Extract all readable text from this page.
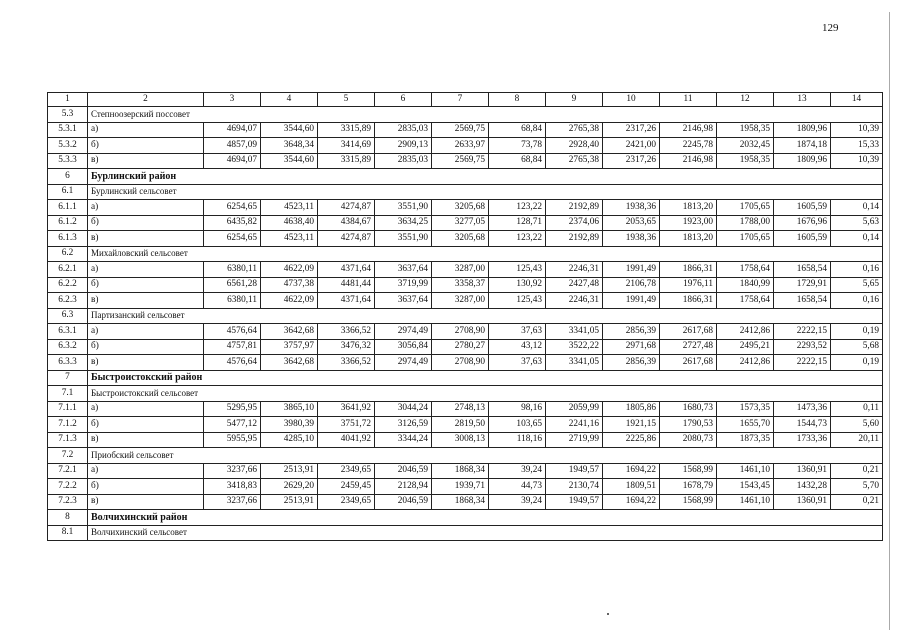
129
1	2	3	4	5	6	7	8	9	10	11	12	13	14
5.3	Степноозерский поссовет												
5.3.1	а)	4694,07	3544,60	3315,89	2835,03	2569,75	68,84	2765,38	2317,26	2146,98	1958,35	1809,96	10,39
5.3.2	б)	4857,09	3648,34	3414,69	2909,13	2633,97	73,78	2928,40	2421,00	2245,78	2032,45	1874,18	15,33
5.3.3	в)	4694,07	3544,60	3315,89	2835,03	2569,75	68,84	2765,38	2317,26	2146,98	1958,35	1809,96	10,39
6	Бурлинский район												
6.1	Бурлинский сельсовет												
6.1.1	а)	6254,65	4523,11	4274,87	3551,90	3205,68	123,22	2192,89	1938,36	1813,20	1705,65	1605,59	0,14
6.1.2	б)	6435,82	4638,40	4384,67	3634,25	3277,05	128,71	2374,06	2053,65	1923,00	1788,00	1676,96	5,63
6.1.3	в)	6254,65	4523,11	4274,87	3551,90	3205,68	123,22	2192,89	1938,36	1813,20	1705,65	1605,59	0,14
6.2	Михайловский сельсовет												
6.2.1	а)	6380,11	4622,09	4371,64	3637,64	3287,00	125,43	2246,31	1991,49	1866,31	1758,64	1658,54	0,16
6.2.2	б)	6561,28	4737,38	4481,44	3719,99	3358,37	130,92	2427,48	2106,78	1976,11	1840,99	1729,91	5,65
6.2.3	в)	6380,11	4622,09	4371,64	3637,64	3287,00	125,43	2246,31	1991,49	1866,31	1758,64	1658,54	0,16
6.3	Партизанский сельсовет												
6.3.1	а)	4576,64	3642,68	3366,52	2974,49	2708,90	37,63	3341,05	2856,39	2617,68	2412,86	2222,15	0,19
6.3.2	б)	4757,81	3757,97	3476,32	3056,84	2780,27	43,12	3522,22	2971,68	2727,48	2495,21	2293,52	5,68
6.3.3	в)	4576,64	3642,68	3366,52	2974,49	2708,90	37,63	3341,05	2856,39	2617,68	2412,86	2222,15	0,19
7	Быстроистокский район												
7.1	Быстроистокский сельсовет												
7.1.1	а)	5295,95	3865,10	3641,92	3044,24	2748,13	98,16	2059,99	1805,86	1680,73	1573,35	1473,36	0,11
7.1.2	б)	5477,12	3980,39	3751,72	3126,59	2819,50	103,65	2241,16	1921,15	1790,53	1655,70	1544,73	5,60
7.1.3	в)	5955,95	4285,10	4041,92	3344,24	3008,13	118,16	2719,99	2225,86	2080,73	1873,35	1733,36	20,11
7.2	Приобский сельсовет												
7.2.1	а)	3237,66	2513,91	2349,65	2046,59	1868,34	39,24	1949,57	1694,22	1568,99	1461,10	1360,91	0,21
7.2.2	б)	3418,83	2629,20	2459,45	2128,94	1939,71	44,73	2130,74	1809,51	1678,79	1543,45	1432,28	5,70
7.2.3	в)	3237,66	2513,91	2349,65	2046,59	1868,34	39,24	1949,57	1694,22	1568,99	1461,10	1360,91	0,21
8	Волчихинский район												
8.1	Волчихинский сельсовет												
